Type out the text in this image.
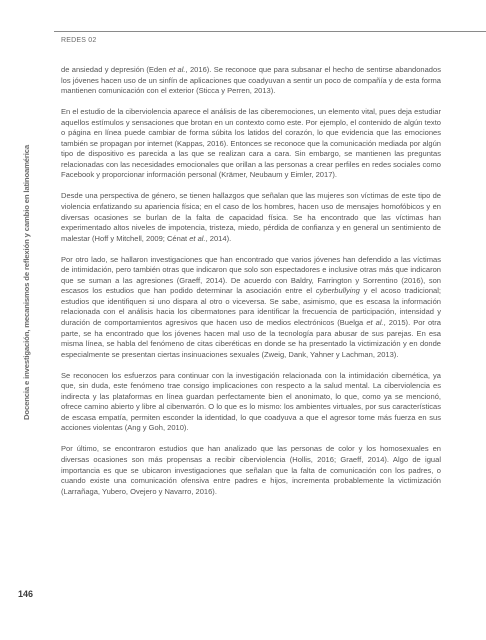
REDES 02
Docencia e investigación, mecanismos de reflexión y cambio en latinoamérica

de ansiedad y depresión (Eden et al., 2016). Se reconoce que para subsanar el hecho de sentirse abandonados los jóvenes hacen uso de un sinfín de aplicaciones que coadyuvan a sentir un poco de compañía y de esta forma mantienen comunicación con el exterior (Sticca y Perren, 2013).

En el estudio de la ciberviolencia aparece el análisis de las ciberemociones, un elemento vital, pues deja estudiar aquellos estímulos y sensaciones que brotan en un contexto como este. Por ejemplo, el contenido de algún texto o página en línea puede cambiar de forma súbita los latidos del corazón, lo que evidencia que las emociones también se propagan por internet (Kappas, 2016). Entonces se reconoce que la comunicación mediada por algún tipo de dispositivo es parecida a las que se realizan cara a cara. Sin embargo, se mantienen las preguntas relacionadas con las necesidades emocionales que orillan a las personas a crear perfiles en redes sociales como Facebook y proporcionar información personal (Krämer, Neubaum y Eimler, 2017).

Desde una perspectiva de género, se tienen hallazgos que señalan que las mujeres son víctimas de este tipo de violencia enfatizando su apariencia física; en el caso de los hombres, hacen uso de mensajes homofóbicos y en diversas ocasiones se burlan de la falta de capacidad física. Se ha encontrado que las víctimas han experimentado altos niveles de impotencia, tristeza, miedo, pérdida de confianza y en general un sentimiento de malestar (Hoff y Mitchell, 2009; Cénat et al., 2014).

Por otro lado, se hallaron investigaciones que han encontrado que varios jóvenes han defendido a las víctimas de intimidación, pero también otras que indicaron que solo son espectadores e inclusive otras más que indicaron que se suman a las agresiones (Graeff, 2014). De acuerdo con Baldry, Farrington y Sorrentino (2016), son escasos los estudios que han podido determinar la asociación entre el cyberbullying y el acoso tradicional; estudios que identifiquen si uno dispara al otro o viceversa. Se sabe, asimismo, que es escasa la información relacionada con el análisis hacia los cibermatones para identificar la frecuencia de participación, intensidad y duración de comportamientos agresivos que hacen uso de medios electrónicos (Buelga et al., 2015). Por otra parte, se ha encontrado que los jóvenes hacen mal uso de la tecnología para abusar de sus parejas. En esa misma línea, se habla del fenómeno de citas ciberéticas en donde se ha presentado la victimización y en donde especialmente se presentan ciertas insinuaciones sexuales (Zweig, Dank, Yahner y Lachman, 2013).

Se reconocen los esfuerzos para continuar con la investigación relacionada con la intimidación cibernética, ya que, sin duda, este fenómeno trae consigo implicaciones con respecto a la salud mental. La ciberviolencia es indirecta y las plataformas en línea guardan perfectamente bien el anonimato, lo que, como ya se mencionó, ofrece camino abierto y libre al ciberматón. O lo que es lo mismo: los ambientes virtuales, por sus características de escasa empatía, permiten esconder la identidad, lo que coadyuva a que el agresor tome más fuerza en sus acciones violentas (Ang y Goh, 2010).

Por último, se encontraron estudios que han analizado que las personas de color y los homosexuales en diversas ocasiones son más propensas a recibir ciberviolencia (Hollis, 2016; Graeff, 2014). Algo de igual importancia es que se ubicaron investigaciones que señalan que la falta de comunicación con los padres, o cuando existe una comunicación ofensiva entre padres e hijos, incrementa probablemente la victimización (Larrañaga, Yubero, Ovejero y Navarro, 2016).

146
